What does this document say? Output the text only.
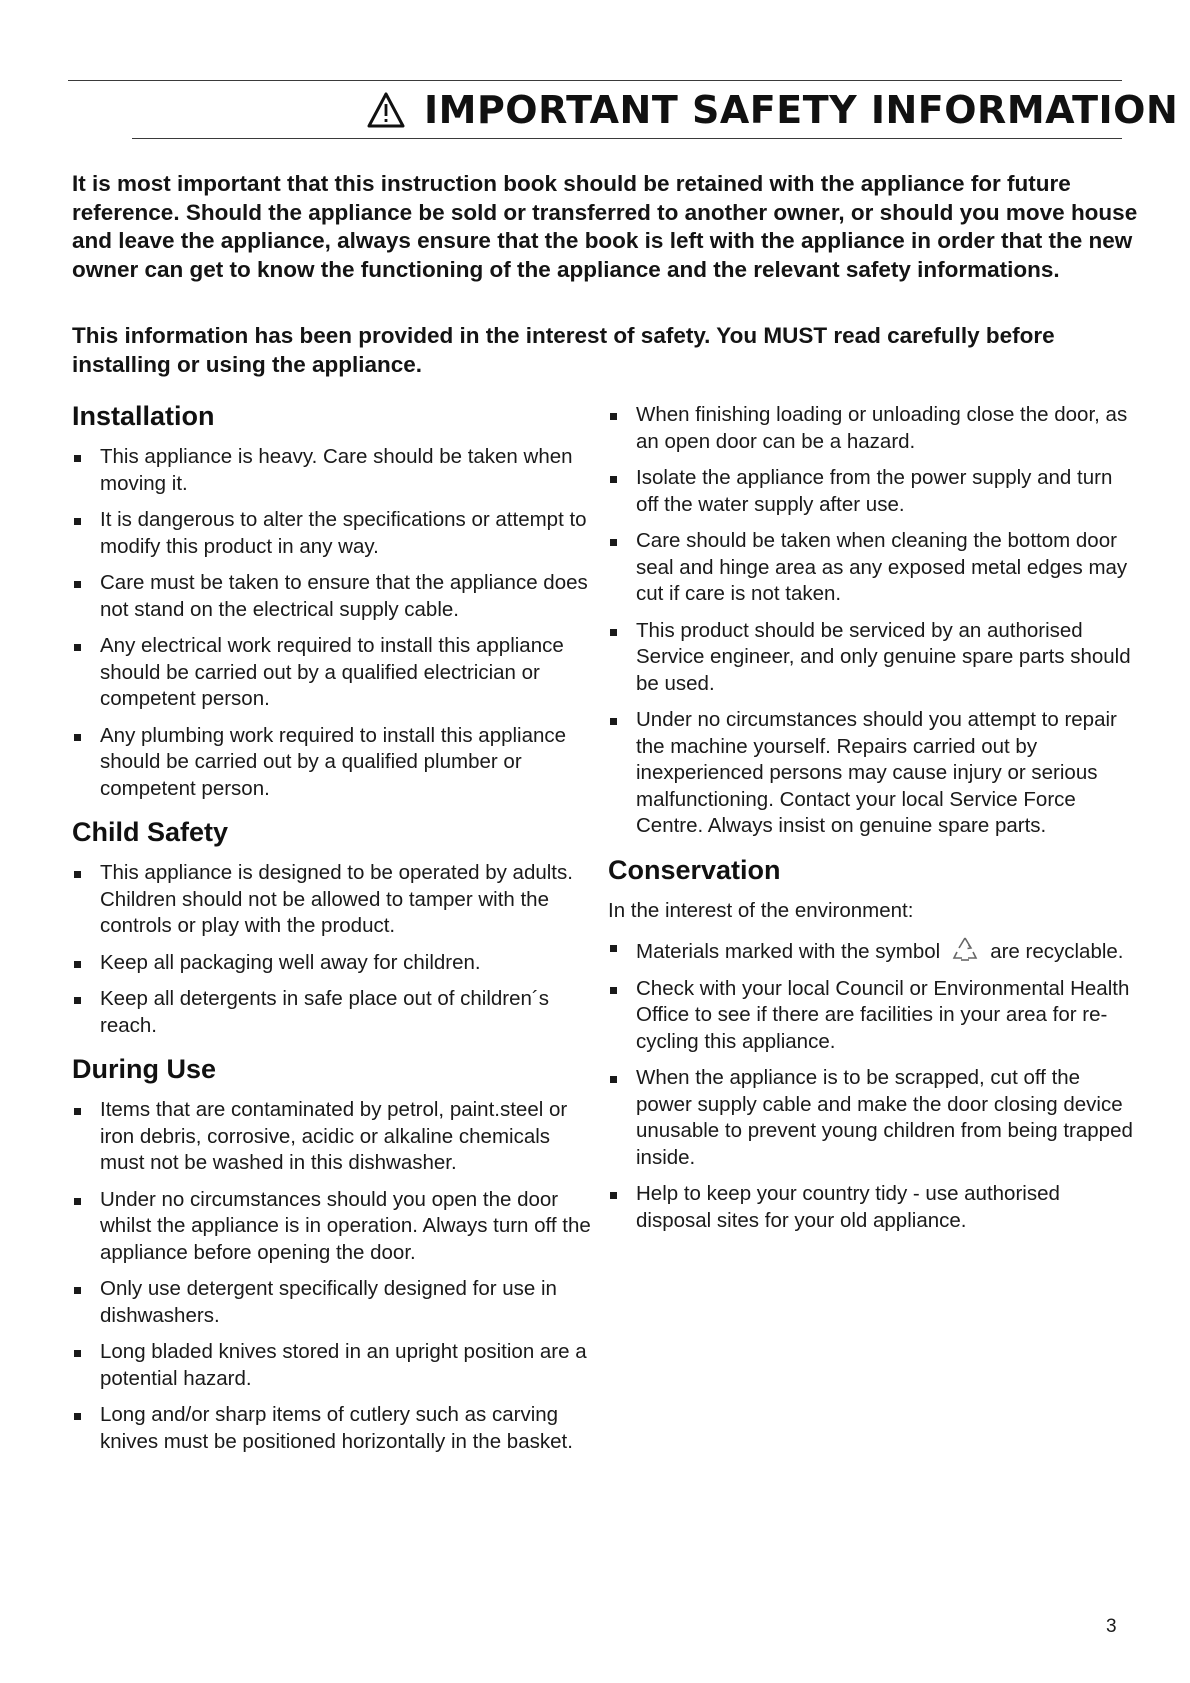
IMPORTANT SAFETY INFORMATION

It is most important that this instruction book should be retained with the appliance for future reference. Should the appliance be sold or transferred to another owner, or should you move house and leave the appliance, always ensure that the book is left with the appliance in order that the new owner can get to know the functioning of the appliance and the relevant safety informations.

This information has been provided in the interest of safety. You MUST read carefully before installing or using the appliance.

Installation
This appliance is heavy. Care should be taken when moving it.
It is dangerous to alter the specifications or attempt to modify this product in any way.
Care must be taken to ensure that the appliance does not stand on the electrical supply cable.
Any electrical work required to install this appliance should be carried out by a qualified electrician or competent person.
Any plumbing work required to install this appliance should be carried out by a qualified plumber or competent person.
Child Safety
This appliance is designed to be operated by adults. Children should not be allowed to tamper with the controls or play with the product.
Keep all packaging well away for children.
Keep all detergents in safe place out of children´s reach.
During Use
Items that are contaminated by petrol, paint.steel or iron debris, corrosive, acidic or alkaline chemicals must not be washed in this dishwasher.
Under no circumstances should you open the door whilst the appliance is in operation. Always turn off the appliance before opening the door.
Only use detergent specifically designed for use in dishwashers.
Long bladed knives stored in an upright position are a potential hazard.
Long and/or sharp items of cutlery such as carving knives must be positioned horizontally in the basket.
When finishing loading or unloading close the door, as an open door can be a hazard.
Isolate the appliance from the power supply and turn off the water supply after use.
Care should be taken when cleaning the bottom door seal and hinge area as any exposed metal edges may cut if care is not taken.
This product should be serviced by an authorised Service engineer, and only genuine spare parts should be used.
Under no circumstances should you attempt to repair the machine yourself. Repairs carried out by inexperienced persons may cause injury or serious malfunctioning. Contact your local Service Force Centre. Always insist on genuine spare parts.
Conservation

In the interest of the environment:

Materials marked with the symbol are recyclable.
Check with your local Council or Environmental Health Office to see if there are facilities in your area for re-cycling this appliance.
When the appliance is to be scrapped, cut off the power supply cable and make the door closing device unusable to prevent young children from being trapped inside.
Help to keep your country tidy - use authorised disposal sites for your old appliance.
3
